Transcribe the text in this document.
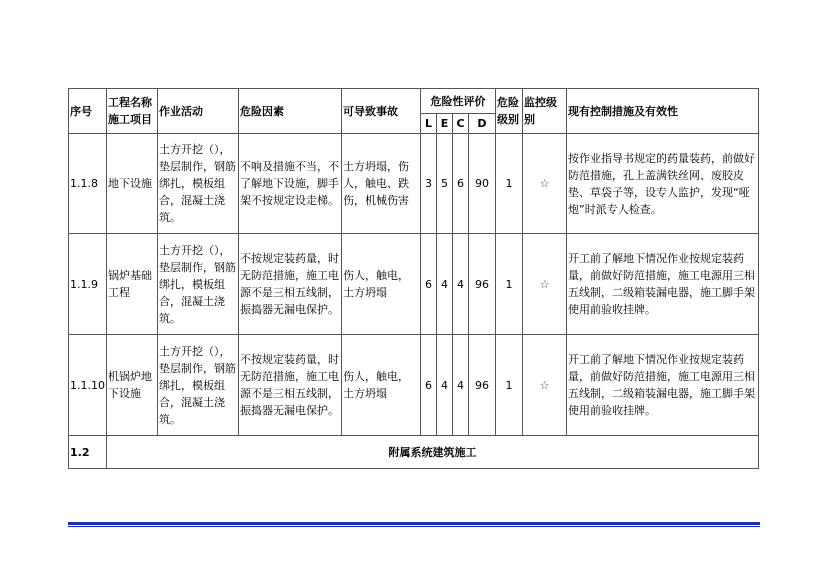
序号	工程名称施工项目	作业活动	危险因素	可导致事故	危险性评价				危险级别	监控级别	现有控制措施及有效性
					L	E	C	D			
1.1.8	地下设施	土方开挖（），垫层制作，钢筋绑扎，模板组合，混凝土浇筑。	不响及措施不当，不了解地下设施，脚手架不按规定设走梯。	土方坍塌，伤人，触电、跌伤，机械伤害	3	5	6	90	1	☆	按作业指导书规定的药量装药，前做好防范措施，孔上盖满铁丝网、废胶皮垫、草袋子等，设专人监护，发现“哑炮”时派专人检查。
1.1.9	锅炉基础工程	土方开挖（），垫层制作，钢筋绑扎，模板组合，混凝土浇筑。	不按规定装药量，时无防范措施，施工电源不是三相五线制，振捣器无漏电保护。	伤人，触电，土方坍塌	6	4	4	96	1	☆	开工前了解地下情况作业按规定装药量，前做好防范措施，施工电源用三相五线制，二级箱装漏电器，施工脚手架使用前验收挂牌。
1.1.10	机锅炉地下设施	土方开挖（），垫层制作，钢筋绑扎，模板组合，混凝土浇筑。	不按规定装药量，时无防范措施，施工电源不是三相五线制，振捣器无漏电保护。	伤人，触电，土方坍塌	6	4	4	96	1	☆	开工前了解地下情况作业按规定装药量，前做好防范措施，施工电源用三相五线制，二级箱装漏电器，施工脚手架使用前验收挂牌。
1.2	附属系统建筑施工										
